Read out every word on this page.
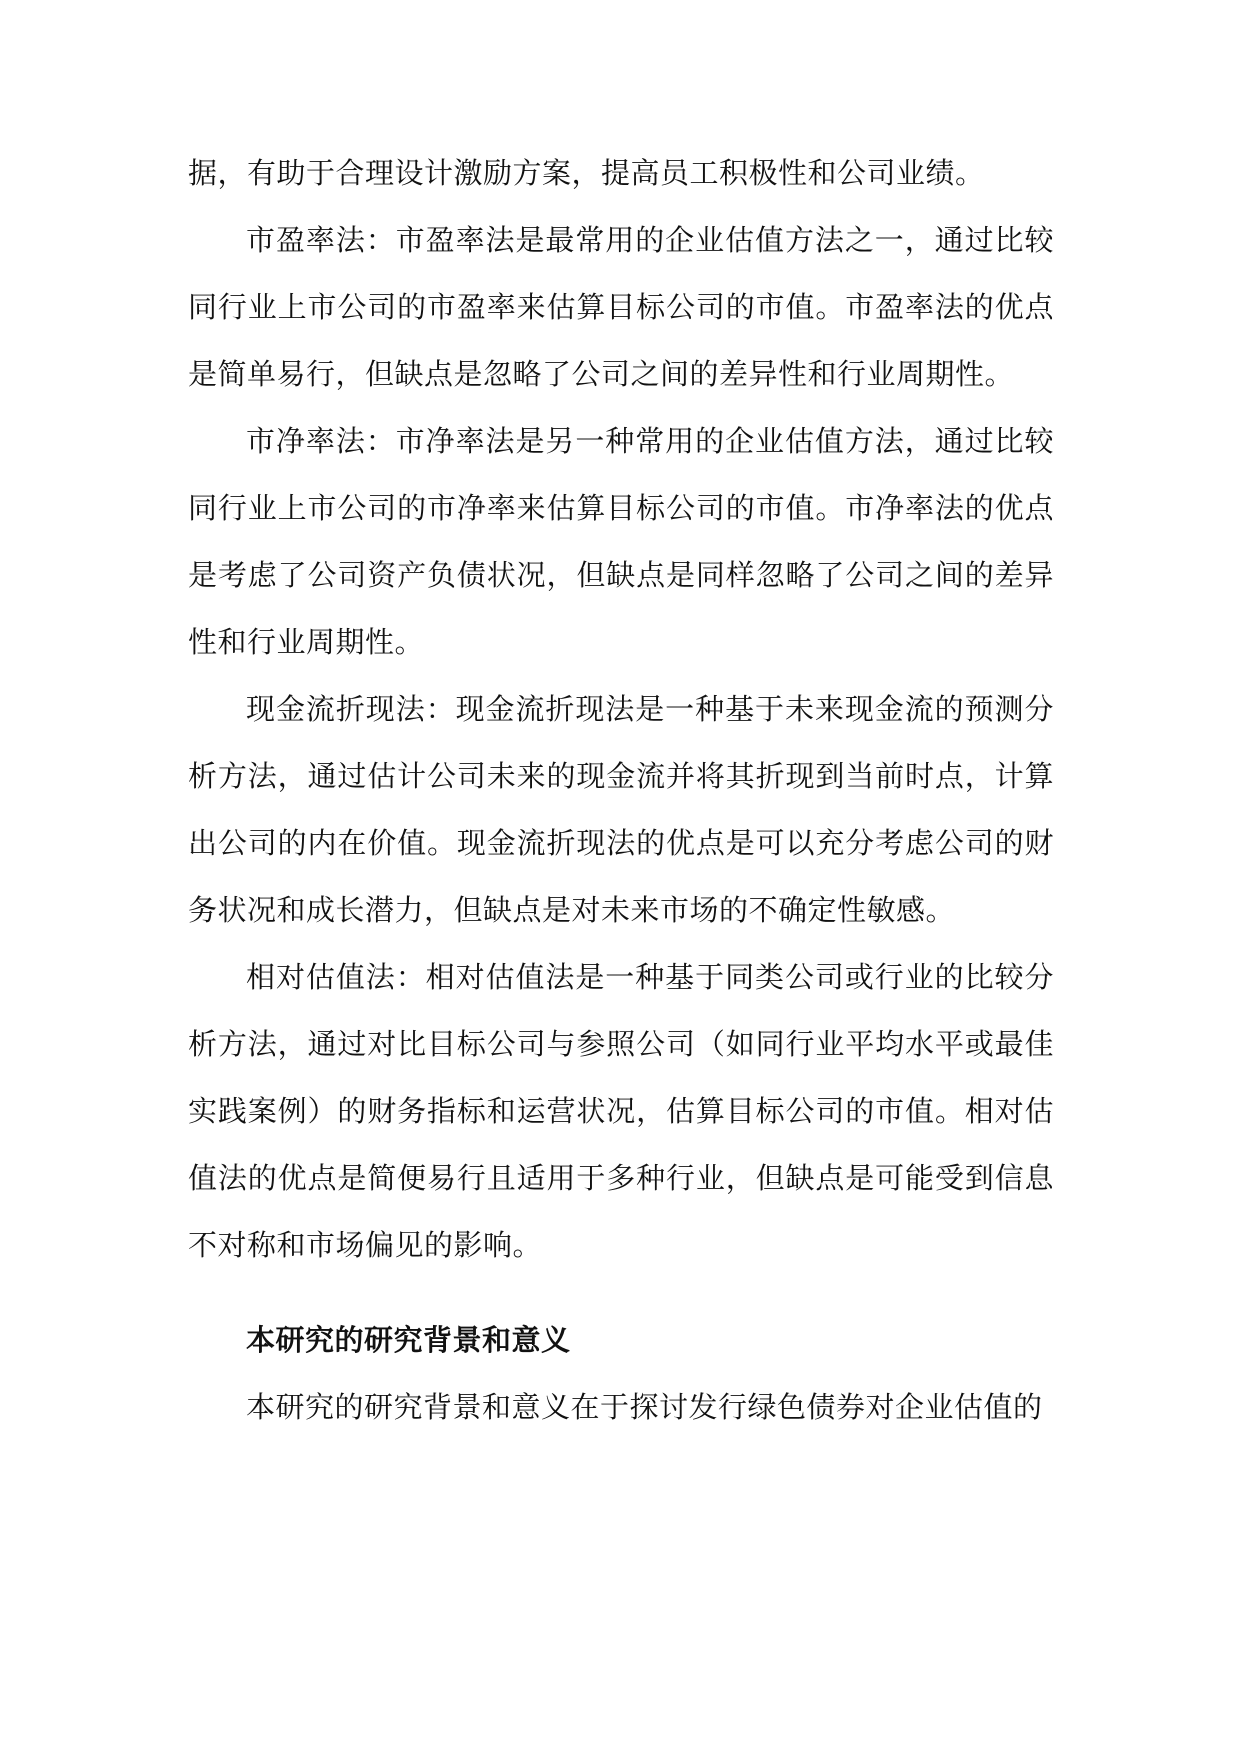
据，有助于合理设计激励方案，提高员工积极性和公司业绩。

市盈率法：市盈率法是最常用的企业估值方法之一，通过比较同行业上市公司的市盈率来估算目标公司的市值。市盈率法的优点是简单易行，但缺点是忽略了公司之间的差异性和行业周期性。

市净率法：市净率法是另一种常用的企业估值方法，通过比较同行业上市公司的市净率来估算目标公司的市值。市净率法的优点是考虑了公司资产负债状况，但缺点是同样忽略了公司之间的差异性和行业周期性。

现金流折现法：现金流折现法是一种基于未来现金流的预测分析方法，通过估计公司未来的现金流并将其折现到当前时点，计算出公司的内在价值。现金流折现法的优点是可以充分考虑公司的财务状况和成长潜力，但缺点是对未来市场的不确定性敏感。

相对估值法：相对估值法是一种基于同类公司或行业的比较分析方法，通过对比目标公司与参照公司（如同行业平均水平或最佳实践案例）的财务指标和运营状况，估算目标公司的市值。相对估值法的优点是简便易行且适用于多种行业，但缺点是可能受到信息不对称和市场偏见的影响。

本研究的研究背景和意义

本研究的研究背景和意义在于探讨发行绿色债券对企业估值的
